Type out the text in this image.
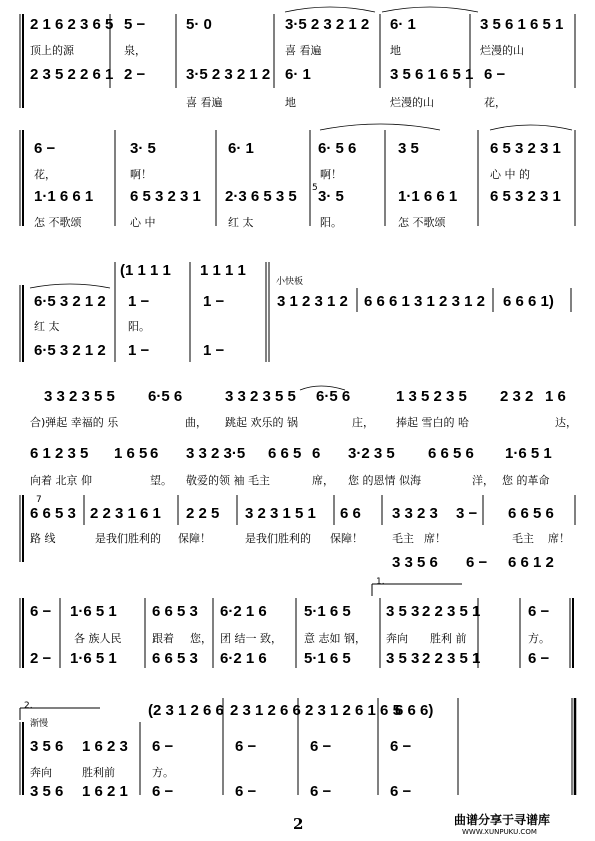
2 1 6 2 3 6 5 5 −	5· 0	3·5 2 3 2 1 2 6· 1	3 5 6 1 6 5 1
顶上的源	泉，	喜 看遍	地	烂漫的山
2 3 5 2 2 6 1 2 −	3·5 2 3 2 1 2 6· 1	3 5 6 1 6 5 1 6 −
喜 看遍	地	烂漫的山	花，
6 −	3· 5	6· 1	6· 5 6	3 5	6 5 3 2 3 1
花，	啊！	啊！	心 中 的
1·1 6 6 1 6 5 3 2 3 1 2·3 6 5 3 5 5 3· 5	1·1 6 6 1 6 5 3 2 3 1
怎 不歌颂	心 中	红 太	阳。	怎 不歌颂
(1 1 1 1 1 1 1 1
小快板
6·5 3 2 1 2 1 −	1 −	3 1 2 3 1 2 6 6 6 1 3 1 2 3 1 2 6 6 6 1)
红 太	阳。
6·5 3 2 1 2 1 −	1 −
3 3 2 3 5 5 6·5 6	3 3 2 3 5 5 6·5 6	1 3 5 2 3 5 2 3 2 1 6
合)弹起 幸福的 乐	曲， 跳起 欢乐的 锅	庄， 捧起 雪白的 哈	达，
6 1 2 3 5 1 6 5 6 3 3 2 3·5 6 6 5 6 3·2 3 5 6 6 5 6 1·6 5 1
向着 北京 仰	望。 敬爱的领 袖 毛主	席， 您 的恩情 似海	洋， 您 的革命
7
6 6 5 3 2 2 3 1 6 1 2 2 5 3 2 3 1 5 1 6 6 3 3 2 3 3 − 6 6 5 6
路 线	是我们胜利的 保障！	是我们胜利的 保障！	毛主 席！	毛主 席！
3 3 5 6 6 − 6 6 1 2
1.
6 − 1·6 5 1 6 6 5 3 6·2 1 6 5·1 6 5 3 5 3 2 2 3 5 1	6 −
各 族人民	跟着 您， 团 结一 致， 意 志如 钢， 奔向 胜利 前	方。
2 − 1·6 5 1 6 6 5 3 6·2 1 6 5·1 6 5 3 5 3 2 2 3 5 1	6 −
2.
渐慢
(2 3 1 2 6 6 2 3 1 2 6 6 2 3 1 2 6 1 6 5
6 6 6)
3 5 6 1 6 2 3 6 −	6 −	6 −	6 −
奔向	胜利前	方。
3 5 6 1 6 2 1 6 −	6 −	6 −	6 −
2	曲谱分享于寻谱库
WWW.XUNPUKU.COM
